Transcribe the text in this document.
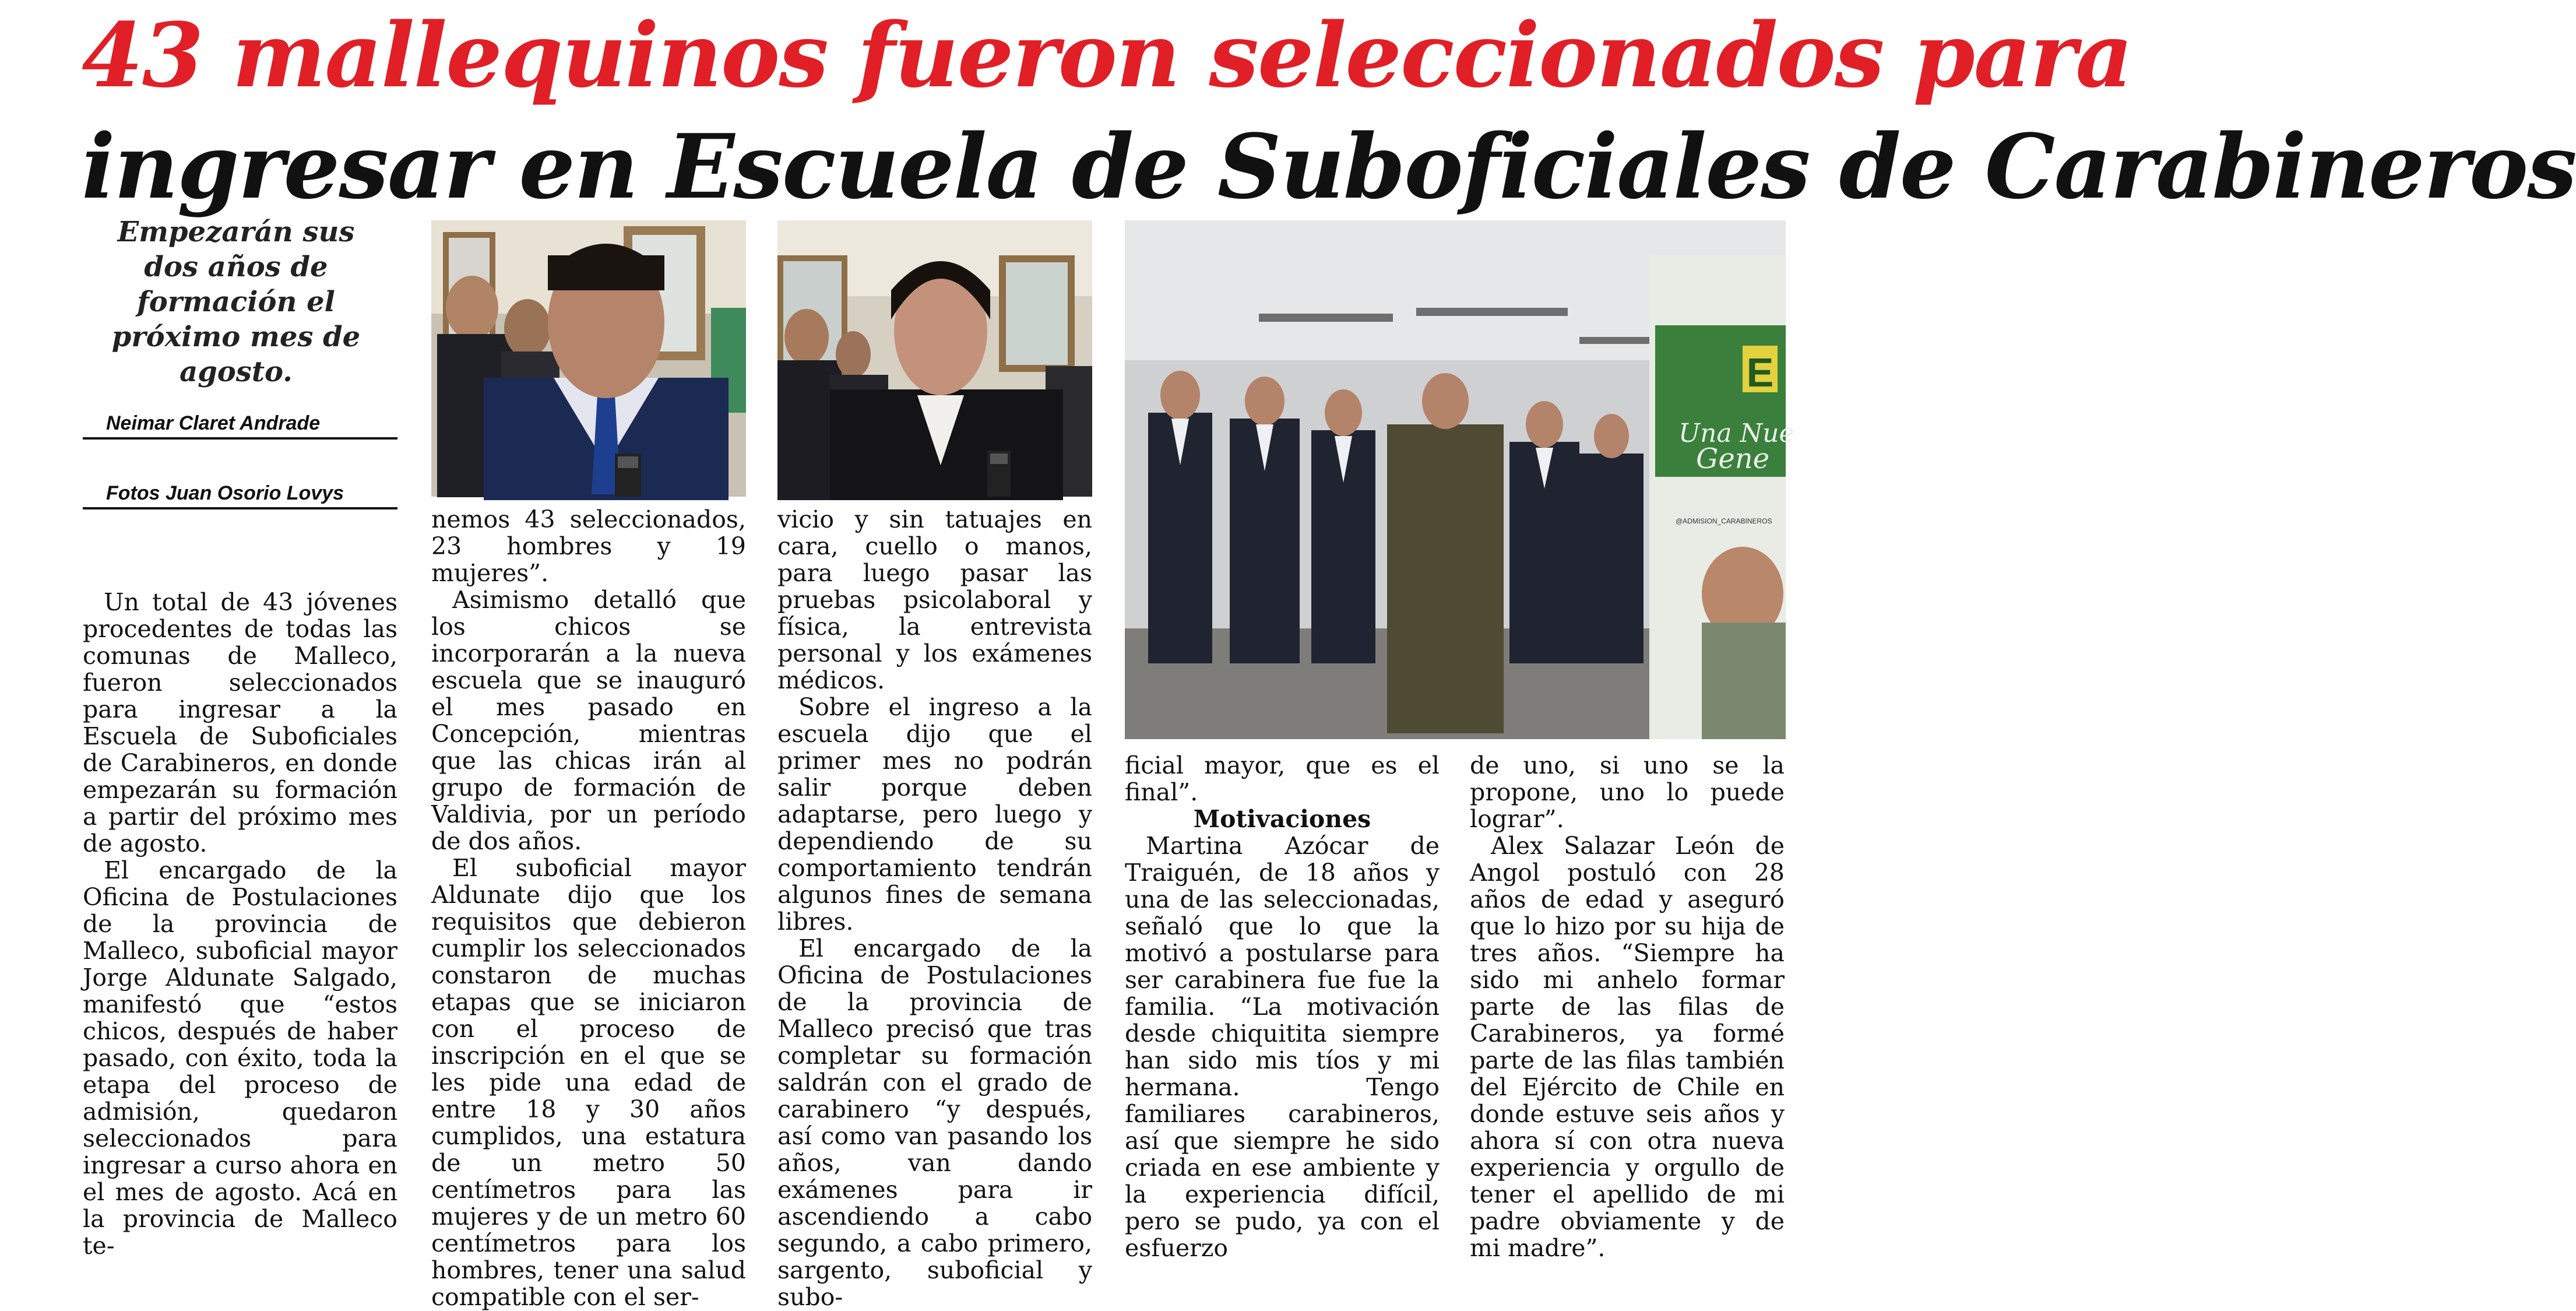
43 mallequinos fueron seleccionados para
ingresar en Escuela de Suboficiales de Carabineros
Empezarán sus dos años de formación el próximo mes de agosto.
Neimar Claret Andrade
Fotos Juan Osorio Lovys
E
Una Nue
Gene
@ADMISION_CARABINEROS

Un total de 43 jóvenes procedentes de todas las comunas de Malleco, fueron seleccionados para ingresar a la Escuela de Suboficiales de Carabineros, en donde empezarán su formación a partir del próximo mes de agosto.

El encargado de la Oficina de Postulaciones de la provincia de Malleco, suboficial mayor Jorge Aldunate Salgado, manifestó que “estos chicos, después de haber pasado, con éxito, toda la etapa del proceso de admisión, quedaron seleccionados para ingresar a curso ahora en el mes de agosto. Acá en la provincia de Malleco te-

nemos 43 seleccionados, 23 hombres y 19 mujeres”.

Asimismo detalló que los chicos se incorporarán a la nueva escuela que se inauguró el mes pasado en Concepción, mientras que las chicas irán al grupo de formación de Valdivia, por un período de dos años.

El suboficial mayor Aldunate dijo que los requisitos que debieron cumplir los seleccionados constaron de muchas etapas que se iniciaron con el proceso de inscripción en el que se les pide una edad de entre 18 y 30 años cumplidos, una estatura de un metro 50 centímetros para las mujeres y de un metro 60 centímetros para los hombres, tener una salud compatible con el ser-

vicio y sin tatuajes en cara, cuello o manos, para luego pasar las pruebas psicolaboral y física, la entrevista personal y los exámenes médicos.

Sobre el ingreso a la escuela dijo que el primer mes no podrán salir porque deben adaptarse, pero luego y dependiendo de su comportamiento tendrán algunos fines de semana libres.

El encargado de la Oficina de Postulaciones de la provincia de Malleco precisó que tras completar su formación saldrán con el grado de carabinero “y después, así como van pasando los años, van dando exámenes para ir ascendiendo a cabo segundo, a cabo primero, sargento, suboficial y subo-

ficial mayor, que es el final”.

Motivaciones

Martina Azócar de Traiguén, de 18 años y una de las seleccionadas, señaló que lo que la motivó a postularse para ser carabinera fue fue la familia. “La motivación desde chiquitita siempre han sido mis tíos y mi hermana. Tengo familiares carabineros, así que siempre he sido criada en ese ambiente y la experiencia difícil, pero se pudo, ya con el esfuerzo

de uno, si uno se la propone, uno lo puede lograr”.

Alex Salazar León de Angol postuló con 28 años de edad y aseguró que lo hizo por su hija de tres años. “Siempre ha sido mi anhelo formar parte de las filas de Carabineros, ya formé parte de las filas también del Ejército de Chile en donde estuve seis años y ahora sí con otra nueva experiencia y orgullo de tener el apellido de mi padre obviamente y de mi madre”.
